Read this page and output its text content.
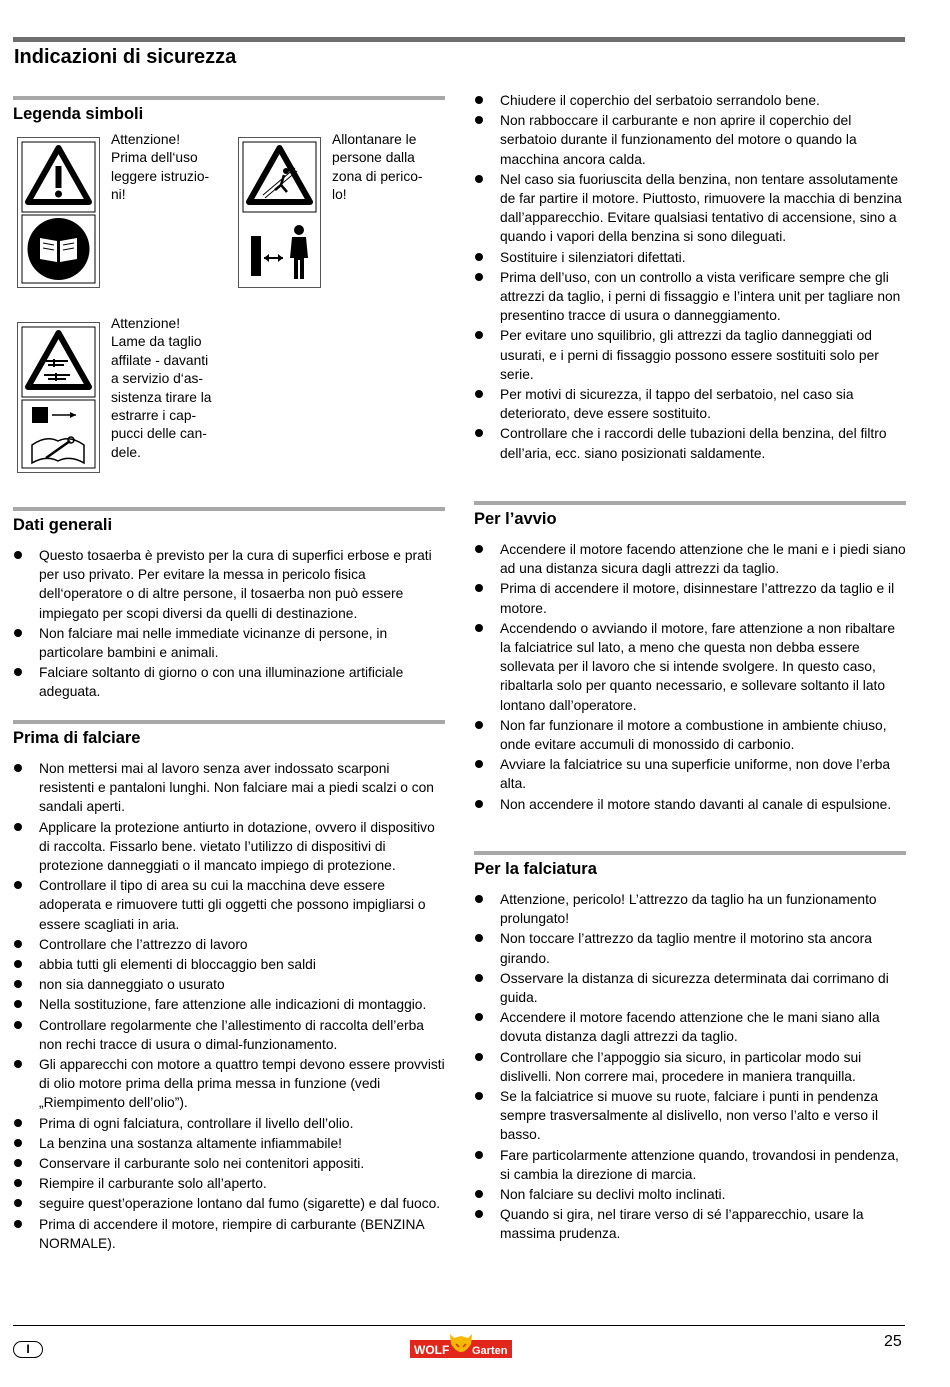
Indicazioni di sicurezza
Legenda simboli
Attenzione!
Prima dell‘uso
leggere istruzio-
ni!
Allontanare le
persone dalla
zona di perico-
lo!
Attenzione!
Lame da taglio
affilate - davanti
a servizio d‘as-
sistenza tirare la
estrarre i cap-
pucci delle can-
dele.
Dati generali
Questo tosaerba è previsto per la cura di superfici erbose e prati per uso privato. Per evitare la messa in pericolo fisica dell‘operatore o di altre persone, il tosaerba non può essere impiegato per scopi diversi da quelli di destinazione.
Non falciare mai nelle immediate vicinanze di persone, in particolare bambini e animali.
Falciare soltanto di giorno o con una illuminazione artificiale adeguata.
Prima di falciare
Non mettersi mai al lavoro senza aver indossato scarponi resistenti e pantaloni lunghi. Non falciare mai a piedi scalzi o con sandali aperti.
Applicare la protezione antiurto in dotazione, ovvero il dispositivo di raccolta. Fissarlo bene. vietato l’utilizzo di dispositivi di protezione danneggiati o il mancato impiego di protezione.
Controllare il tipo di area su cui la macchina deve essere adoperata e rimuovere tutti gli oggetti che possono impigliarsi o essere scagliati in aria.
Controllare che l’attrezzo di lavoro
abbia tutti gli elementi di bloccaggio ben saldi
non sia danneggiato o usurato
Nella sostituzione, fare attenzione alle indicazioni di montaggio.
Controllare regolarmente che l’allestimento di raccolta dell’erba non rechi tracce di usura o dimal-funzionamento.
Gli apparecchi con motore a quattro tempi devono essere provvisti di olio motore prima della prima messa in funzione (vedi „Riempimento dell’olio”).
Prima di ogni falciatura, controllare il livello dell’olio.
La benzina una sostanza altamente infiammabile!
Conservare il carburante solo nei contenitori appositi.
Riempire il carburante solo all’aperto.
seguire quest’operazione lontano dal fumo (sigarette) e dal fuoco.
Prima di accendere il motore, riempire di carburante (BENZINA NORMALE).
Chiudere il coperchio del serbatoio serrandolo bene.
Non rabboccare il carburante e non aprire il coperchio del serbatoio durante il funzionamento del motore o quando la macchina ancora calda.
Nel caso sia fuoriuscita della benzina, non tentare assolutamente de far partire il motore. Piuttosto, rimuovere la macchia di benzina dall’apparecchio. Evitare qualsiasi tentativo di accensione, sino a quando i vapori della benzina si sono dileguati.
Sostituire i silenziatori difettati.
Prima dell’uso, con un controllo a vista verificare sempre che gli attrezzi da taglio, i perni di fissaggio e l’intera unit per tagliare non presentino tracce di usura o danneggiamento.
Per evitare uno squilibrio, gli attrezzi da taglio danneggiati od usurati, e i perni di fissaggio possono essere sostituiti solo per serie.
Per motivi di sicurezza, il tappo del serbatoio, nel caso sia deteriorato, deve essere sostituito.
Controllare che i raccordi delle tubazioni della benzina, del filtro dell’aria, ecc. siano posizionati saldamente.
Per l’avvio
Accendere il motore facendo attenzione che le mani e i piedi siano ad una distanza sicura dagli attrezzi da taglio.
Prima di accendere il motore, disinnestare l’attrezzo da taglio e il motore.
Accendendo o avviando il motore, fare attenzione a non ribaltare la falciatrice sul lato, a meno che questa non debba essere sollevata per il lavoro che si intende svolgere. In questo caso, ribaltarla solo per quanto necessario, e sollevare soltanto il lato lontano dall’operatore.
Non far funzionare il motore a combustione in ambiente chiuso, onde evitare accumuli di monossido di carbonio.
Avviare la falciatrice su una superficie uniforme, non dove l’erba alta.
Non accendere il motore stando davanti al canale di espulsione.
Per la falciatura
Attenzione, pericolo! L’attrezzo da taglio ha un funzionamento prolungato!
Non toccare l’attrezzo da taglio mentre il motorino sta ancora girando.
Osservare la distanza di sicurezza determinata dai corrimano di guida.
Accendere il motore facendo attenzione che le mani siano alla dovuta distanza dagli attrezzi da taglio.
Controllare che l’appoggio sia sicuro, in particolar modo sui dislivelli. Non correre mai, procedere in maniera tranquilla.
Se la falciatrice si muove su ruote, falciare i punti in pendenza sempre trasversalmente al dislivello, non verso l’alto e verso il basso.
Fare particolarmente attenzione quando, trovandosi in pendenza, si cambia la direzione di marcia.
Non falciare su declivi molto inclinati.
Quando si gira, nel tirare verso di sé l’apparecchio, usare la massima prudenza.
I	WOLF Garten
25
